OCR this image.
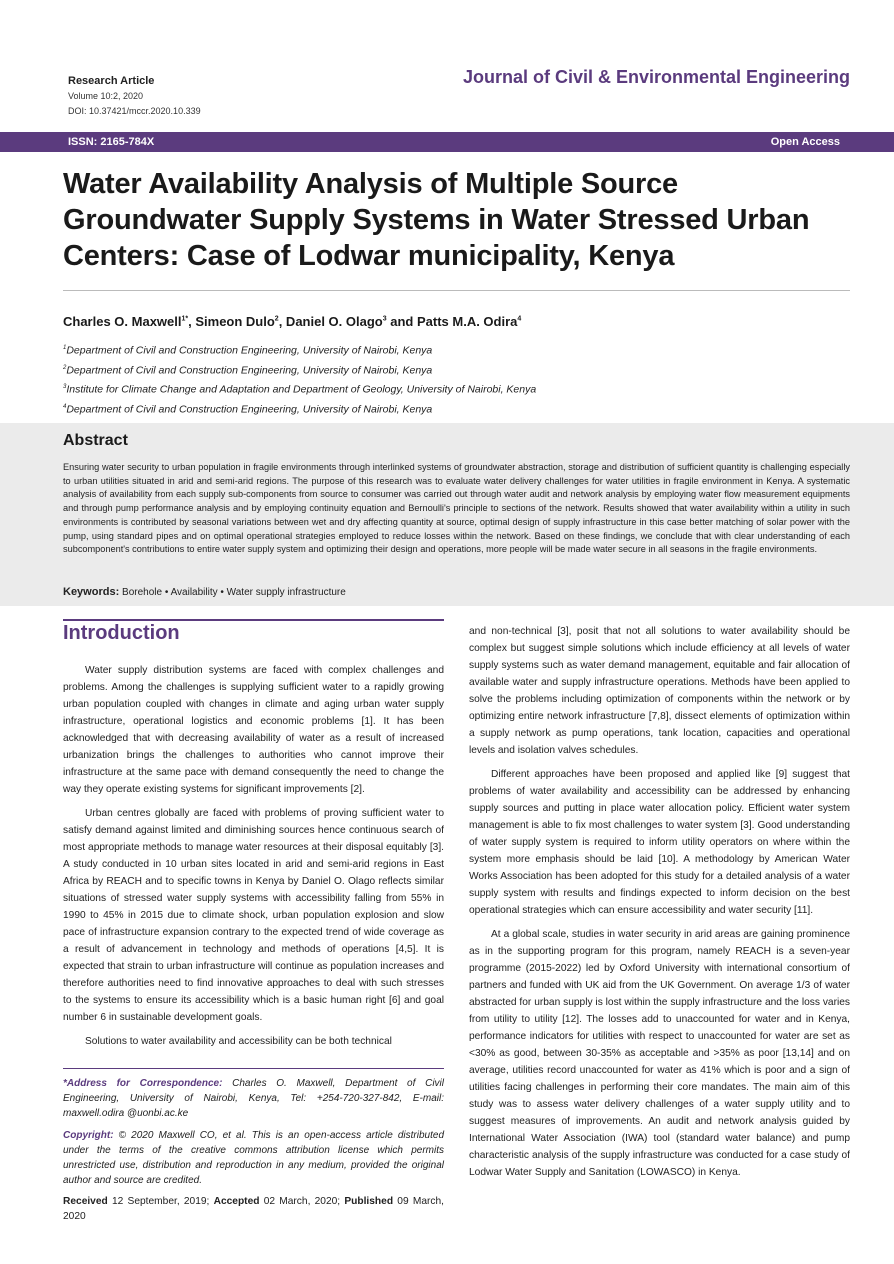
Research Article
Volume 10:2, 2020
DOI: 10.37421/mccr.2020.10.339
Journal of Civil & Environmental Engineering
ISSN: 2165-784X	Open Access
Water Availability Analysis of Multiple Source Groundwater Supply Systems in Water Stressed Urban Centers: Case of Lodwar municipality, Kenya
Charles O. Maxwell$^{1*}$, Simeon Dulo$^2$, Daniel O. Olago$^3$ and Patts M.A. Odira$^4$
$^1$Department of Civil and Construction Engineering, University of Nairobi, Kenya
$^2$Department of Civil and Construction Engineering, University of Nairobi, Kenya
$^3$Institute for Climate Change and Adaptation and Department of Geology, University of Nairobi, Kenya
$^4$Department of Civil and Construction Engineering, University of Nairobi, Kenya
Abstract
Ensuring water security to urban population in fragile environments through interlinked systems of groundwater abstraction, storage and distribution of sufficient quantity is challenging especially to urban utilities situated in arid and semi-arid regions. The purpose of this research was to evaluate water delivery challenges for water utilities in fragile environment in Kenya. A systematic analysis of availability from each supply sub-components from source to consumer was carried out through water audit and network analysis by employing water flow measurement equipments and through pump performance analysis and by employing continuity equation and Bernoulli's principle to sections of the network. Results showed that water availability within a utility in such environments is contributed by seasonal variations between wet and dry affecting quantity at source, optimal design of supply infrastructure in this case better matching of solar power with the pump, using standard pipes and on optimal operational strategies employed to reduce losses within the network. Based on these findings, we conclude that with clear understanding of each subcomponent's contributions to entire water supply system and optimizing their design and operations, more people will be made water secure in all seasons in the fragile environments.
Keywords: Borehole • Availability • Water supply infrastructure
Introduction

Water supply distribution systems are faced with complex challenges and problems. Among the challenges is supplying sufficient water to a rapidly growing urban population coupled with changes in climate and aging urban water supply infrastructure, operational logistics and economic problems [1]. It has been acknowledged that with decreasing availability of water as a result of increased urbanization brings the challenges to authorities who cannot improve their infrastructure at the same pace with demand consequently the need to change the way they operate existing systems for significant improvements [2].

Urban centres globally are faced with problems of proving sufficient water to satisfy demand against limited and diminishing sources hence continuous search of most appropriate methods to manage water resources at their disposal equitably [3]. A study conducted in 10 urban sites located in arid and semi-arid regions in East Africa by REACH and to specific towns in Kenya by Daniel O. Olago reflects similar situations of stressed water supply systems with accessibility falling from 55% in 1990 to 45% in 2015 due to climate shock, urban population explosion and slow pace of infrastructure expansion contrary to the expected trend of wide coverage as a result of advancement in technology and methods of operations [4,5]. It is expected that strain to urban infrastructure will continue as population increases and therefore authorities need to find innovative approaches to deal with such stresses to the systems to ensure its accessibility which is a basic human right [6] and goal number 6 in sustainable development goals.

Solutions to water availability and accessibility can be both technical

*Address for Correspondence: Charles O. Maxwell, Department of Civil Engineering, University of Nairobi, Kenya, Tel: +254-720-327-842, E-mail: maxwell.odira @uonbi.ac.ke
Copyright: © 2020 Maxwell CO, et al. This is an open-access article distributed under the terms of the creative commons attribution license which permits unrestricted use, distribution and reproduction in any medium, provided the original author and source are credited.
Received 12 September, 2019; Accepted 02 March, 2020; Published 09 March, 2020

and non-technical [3], posit that not all solutions to water availability should be complex but suggest simple solutions which include efficiency at all levels of water supply systems such as water demand management, equitable and fair allocation of available water and supply infrastructure operations. Methods have been applied to solve the problems including optimization of components within the network or by optimizing entire network infrastructure [7,8], dissect elements of optimization within a supply network as pump operations, tank location, capacities and operational levels and isolation valves schedules.

Different approaches have been proposed and applied like [9] suggest that problems of water availability and accessibility can be addressed by enhancing supply sources and putting in place water allocation policy. Efficient water system management is able to fix most challenges to water system [3]. Good understanding of water supply system is required to inform utility operators on where within the system more emphasis should be laid [10]. A methodology by American Water Works Association has been adopted for this study for a detailed analysis of a water supply system with results and findings expected to inform decision on the best operational strategies which can ensure accessibility and water security [11].

At a global scale, studies in water security in arid areas are gaining prominence as in the supporting program for this program, namely REACH is a seven-year programme (2015-2022) led by Oxford University with international consortium of partners and funded with UK aid from the UK Government. On average 1/3 of water abstracted for urban supply is lost within the supply infrastructure and the loss varies from utility to utility [12]. The losses add to unaccounted for water and in Kenya, performance indicators for utilities with respect to unaccounted for water are set as <30% as good, between 30-35% as acceptable and >35% as poor [13,14] and on average, utilities record unaccounted for water as 41% which is poor and a sign of utilities facing challenges in performing their core mandates. The main aim of this study was to assess water delivery challenges of a water supply utility and to suggest measures of improvements. An audit and network analysis guided by International Water Association (IWA) tool (standard water balance) and pump characteristic analysis of the supply infrastructure was conducted for a case study of Lodwar Water Supply and Sanitation (LOWASCO) in Kenya.
